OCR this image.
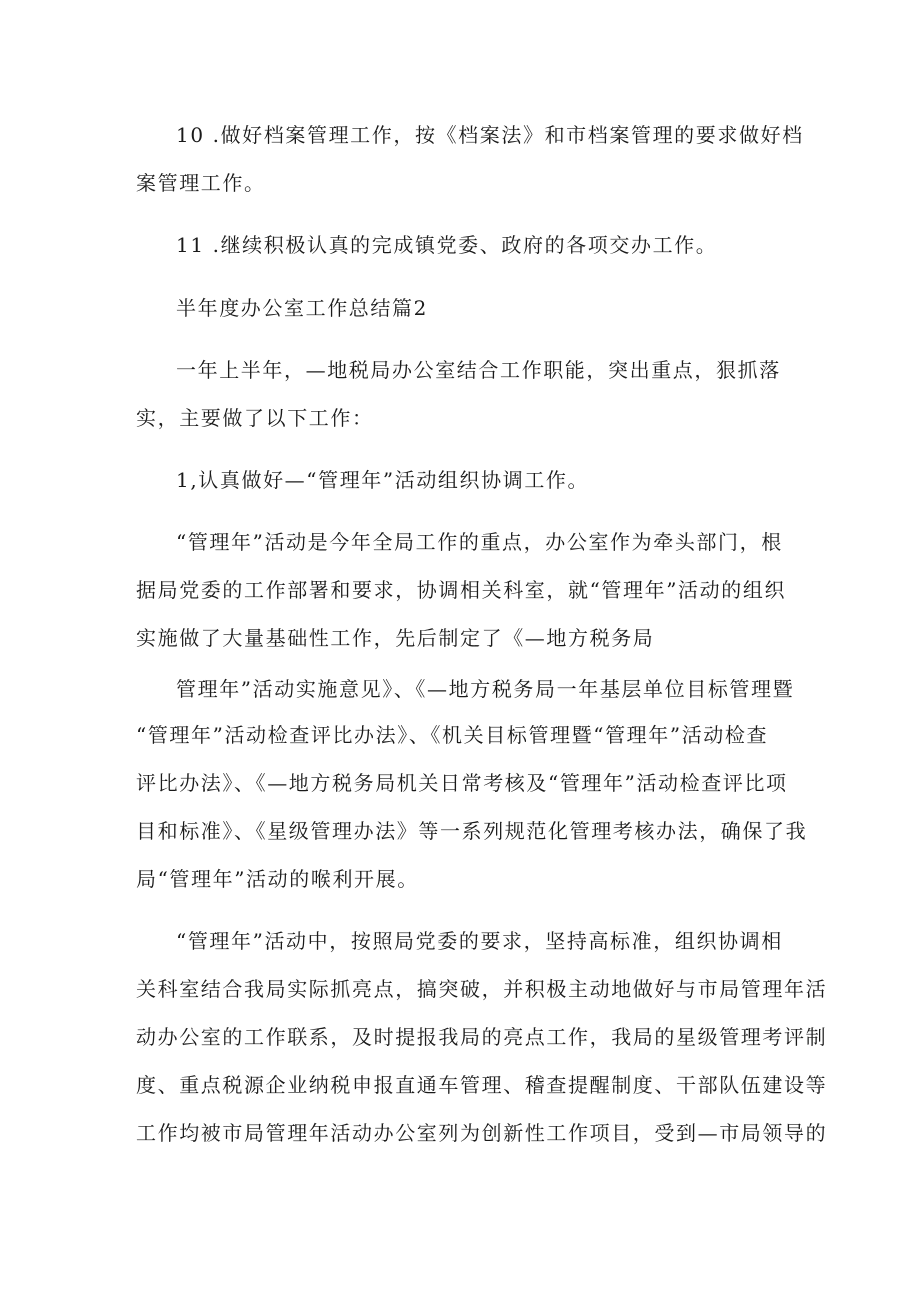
10 .做好档案管理工作，按《档案法》和市档案管理的要求做好档
案管理工作。
11 .继续积极认真的完成镇党委、政府的各项交办工作。
半年度办公室工作总结篇2
一年上半年，—地税局办公室结合工作职能，突出重点，狠抓落
实，主要做了以下工作：
1,认真做好—“管理年”活动组织协调工作。
“管理年”活动是今年全局工作的重点，办公室作为牵头部门，根
据局党委的工作部署和要求，协调相关科室，就“管理年”活动的组织
实施做了大量基础性工作，先后制定了《—地方税务局
管理年”活动实施意见》、《—地方税务局一年基层单位目标管理暨
“管理年”活动检查评比办法》、《机关目标管理暨“管理年”活动检查
评比办法》、《—地方税务局机关日常考核及“管理年”活动检查评比项
目和标准》、《星级管理办法》等一系列规范化管理考核办法，确保了我
局“管理年”活动的喉利开展。
“管理年”活动中，按照局党委的要求，坚持高标准，组织协调相
关科室结合我局实际抓亮点，搞突破，并积极主动地做好与市局管理年活
动办公室的工作联系，及时提报我局的亮点工作，我局的星级管理考评制
度、重点税源企业纳税申报直通车管理、稽查提醒制度、干部队伍建设等
工作均被市局管理年活动办公室列为创新性工作项目，受到—市局领导的
